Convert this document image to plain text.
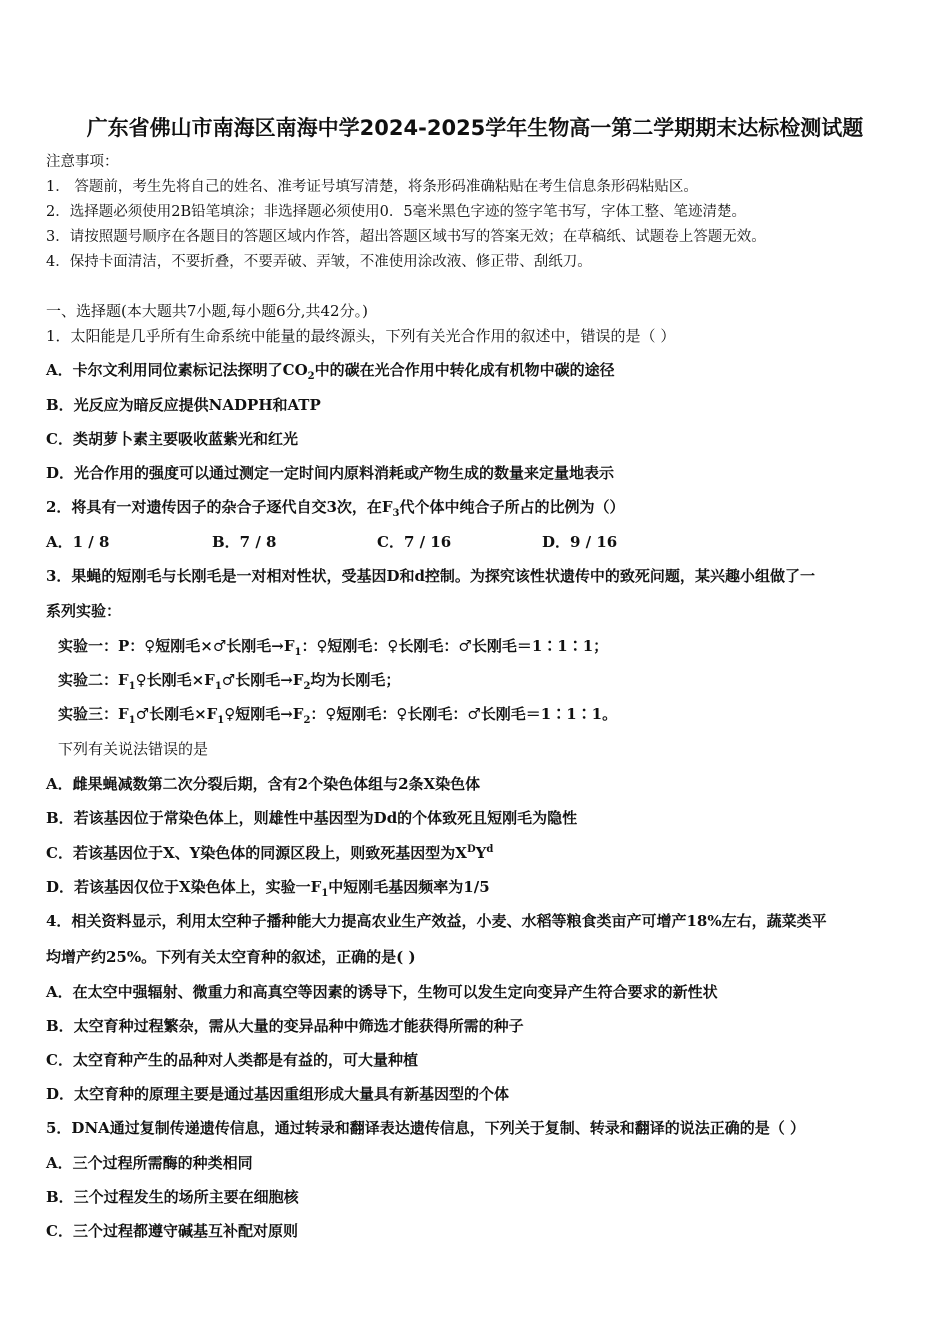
广东省佛山市南海区南海中学2024-2025学年生物高一第二学期期末达标检测试题
注意事项：
1． 答题前，考生先将自己的姓名、准考证号填写清楚，将条形码准确粘贴在考生信息条形码粘贴区。
2．选择题必须使用2B铅笔填涂；非选择题必须使用0．5毫米黑色字迹的签字笔书写，字体工整、笔迹清楚。
3．请按照题号顺序在各题目的答题区域内作答，超出答题区域书写的答案无效；在草稿纸、试题卷上答题无效。
4．保持卡面清洁，不要折叠，不要弄破、弄皱，不准使用涂改液、修正带、刮纸刀。
一、选择题(本大题共7小题,每小题6分,共42分。)
1．太阳能是几乎所有生命系统中能量的最终源头，下列有关光合作用的叙述中，错误的是（ ）
A．卡尔文利用同位素标记法探明了$CO_2$中的碳在光合作用中转化成有机物中碳的途径
B．光反应为暗反应提供NADPH和ATP
C．类胡萝卜素主要吸收蓝紫光和红光
D．光合作用的强度可以通过测定一定时间内原料消耗或产物生成的数量来定量地表示
2．将具有一对遗传因子的杂合子逐代自交3次，在$F_3$代个体中纯合子所占的比例为（）
A．1 / 8	B．7 / 8	C．7 / 16	D．9 / 16
3．果蝇的短刚毛与长刚毛是一对相对性状，受基因D和d控制。为探究该性状遗传中的致死问题，某兴趣小组做了一
系列实验：
实验一：P：♀短刚毛×♂长刚毛$\to F_1$：♀短刚毛：♀长刚毛：♂长刚毛＝1∶1∶1；
实验二：$F_1♀$长刚毛$\times F_1♂$长刚毛$\to F_2$均为长刚毛；
实验三：$F_1♂$长刚毛$\times F_1♀$短刚毛$\to F_2$：♀短刚毛：♀长刚毛：♂长刚毛＝1∶1∶1。
下列有关说法错误的是
A．雌果蝇减数第二次分裂后期，含有2个染色体组与2条X染色体
B．若该基因位于常染色体上，则雄性中基因型为Dd的个体致死且短刚毛为隐性
C．若该基因位于X、Y染色体的同源区段上，则致死基因型为$X^DY^d$
D．若该基因仅位于X染色体上，实验一$F_1$中短刚毛基因频率为1/5
4．相关资料显示，利用太空种子播种能大力提高农业生产效益，小麦、水稻等粮食类亩产可增产18%左右，蔬菜类平
均增产约25%。下列有关太空育种的叙述，正确的是( )
A．在太空中强辐射、微重力和高真空等因素的诱导下，生物可以发生定向变异产生符合要求的新性状
B．太空育种过程繁杂，需从大量的变异品种中筛选才能获得所需的种子
C．太空育种产生的品种对人类都是有益的，可大量种植
D．太空育种的原理主要是通过基因重组形成大量具有新基因型的个体
5．DNA通过复制传递遗传信息，通过转录和翻译表达遗传信息，下列关于复制、转录和翻译的说法正确的是（ ）
A．三个过程所需酶的种类相同
B．三个过程发生的场所主要在细胞核
C．三个过程都遵守碱基互补配对原则
